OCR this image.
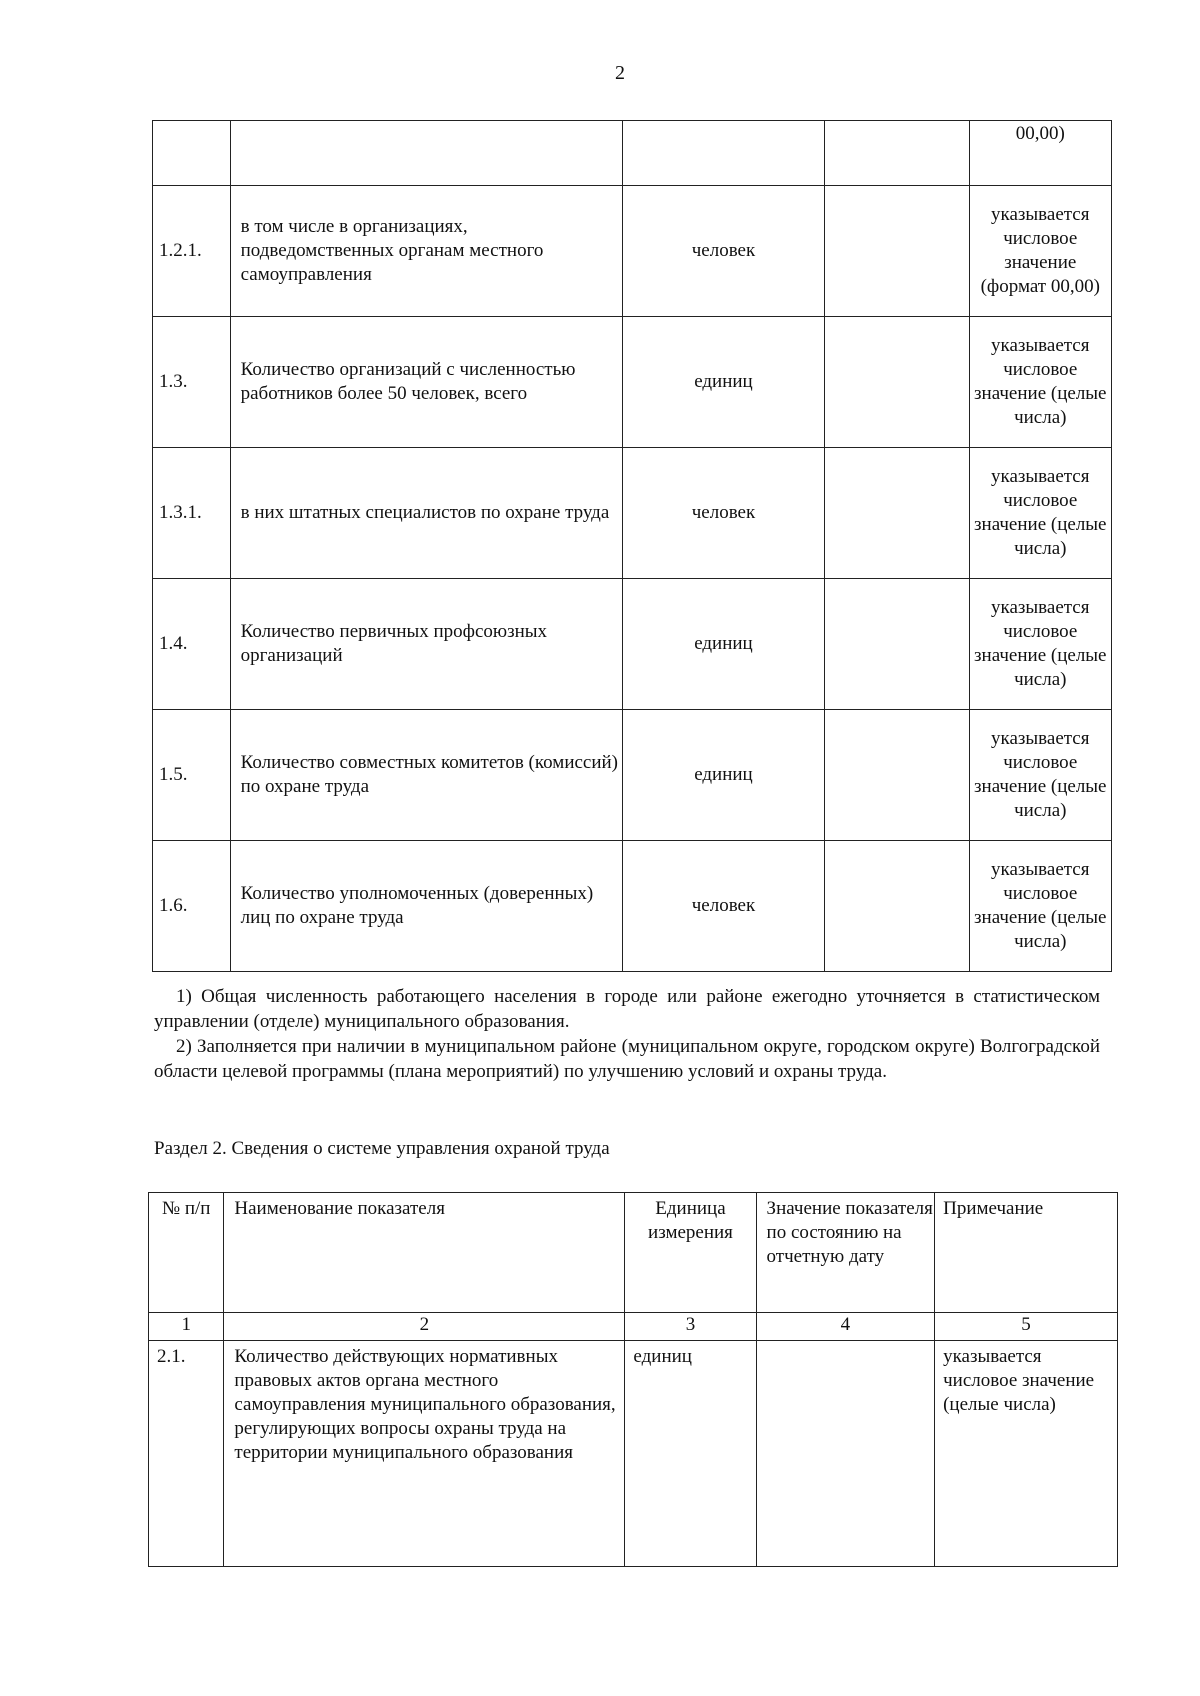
2
				00,00)
1.2.1.	в том числе в организациях, подведомственных органам местного самоуправления	человек		указывается числовое значение (формат 00,00)
1.3.	Количество организаций с численностью работников более 50 человек, всего	единиц		указывается числовое значение (целые числа)
1.3.1.	в них штатных специалистов по охране труда	человек		указывается числовое значение (целые числа)
1.4.	Количество первичных профсоюзных организаций	единиц		указывается числовое значение (целые числа)
1.5.	Количество совместных комитетов (комиссий) по охране труда	единиц		указывается числовое значение (целые числа)
1.6.	Количество уполномоченных (доверенных) лиц по охране труда	человек		указывается числовое значение (целые числа)

1) Общая численность работающего населения в городе или районе ежегодно уточняется в статистическом управлении (отделе) муниципального образования.

2) Заполняется при наличии в муниципальном районе (муниципальном округе, городском округе) Волгоградской области целевой программы (плана мероприятий) по улучшению условий и охраны труда.

Раздел 2. Сведения о системе управления охраной труда
№ п/п	Наименование показателя	Единица измерения	Значение показателя по состоянию на отчетную дату	Примечание
1	2	3	4	5
2.1.	Количество действующих нормативных правовых актов органа местного самоуправления муниципального образования, регулирующих вопросы охраны труда на территории муниципального образования	единиц		указывается числовое значение (целые числа)
